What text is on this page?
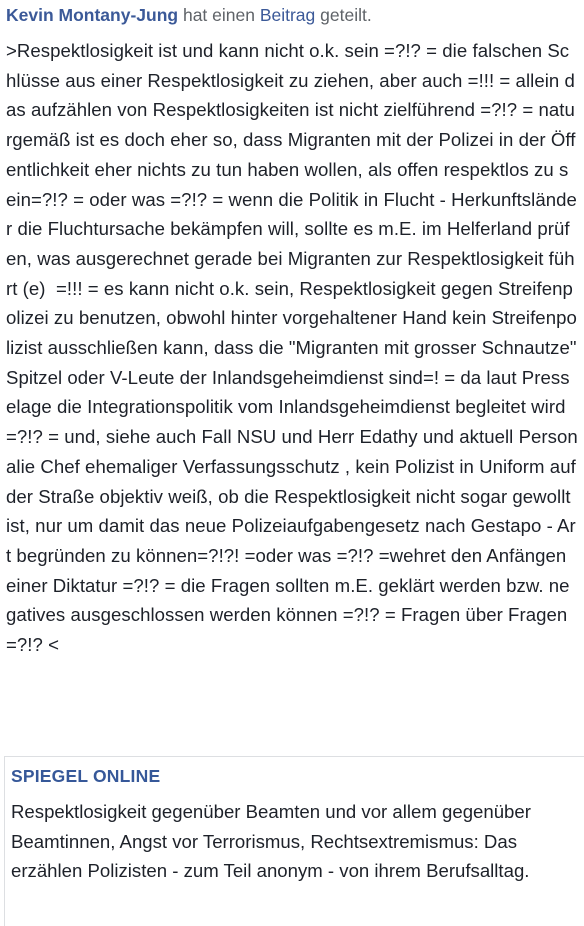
Kevin Montany-Jung hat einen Beitrag geteilt.
>Respektlosigkeit ist und kann nicht o.k. sein =?!? = die falschen Schlüsse aus einer Respektlosigkeit zu ziehen, aber auch =!!! = allein das aufzählen von Respektlosigkeiten ist nicht zielführend =?!? = naturgemäß ist es doch eher so, dass Migranten mit der Polizei in der Öffentlichkeit eher nichts zu tun haben wollen, als offen respektlos zu sein=?!? = oder was =?!? = wenn die Politik in Flucht - Herkunftsländer die Fluchtursache bekämpfen will, sollte es m.E. im Helferland prüfen, was ausgerechnet gerade bei Migranten zur Respektlosigkeit führt (e)  =!!! = es kann nicht o.k. sein, Respektlosigkeit gegen Streifenpolizei zu benutzen, obwohl hinter vorgehaltener Hand kein Streifenpolizist ausschließen kann, dass die "Migranten mit grosser Schnautze" Spitzel oder V-Leute der Inlandsgeheimdienst sind=! = da laut Presselage die Integrationspolitik vom Inlandsgeheimdienst begleitet wird =?!? = und, siehe auch Fall NSU und Herr Edathy und aktuell Personalie Chef ehemaliger Verfassungsschutz , kein Polizist in Uniform auf der Straße objektiv weiß, ob die Respektlosigkeit nicht sogar gewollt ist, nur um damit das neue Polizeiaufgabengesetz nach Gestapo - Art begründen zu können=?!?! =oder was =?!? =wehret den Anfängen einer Diktatur =?!? = die Fragen sollten m.E. geklärt werden bzw. negatives ausgeschlossen werden können =?!? = Fragen über Fragen =?!? <
SPIEGEL ONLINE
Respektlosigkeit gegenüber Beamten und vor allem gegenüber Beamtinnen, Angst vor Terrorismus, Rechtsextremismus: Das erzählen Polizisten - zum Teil anonym - von ihrem Berufsalltag.
